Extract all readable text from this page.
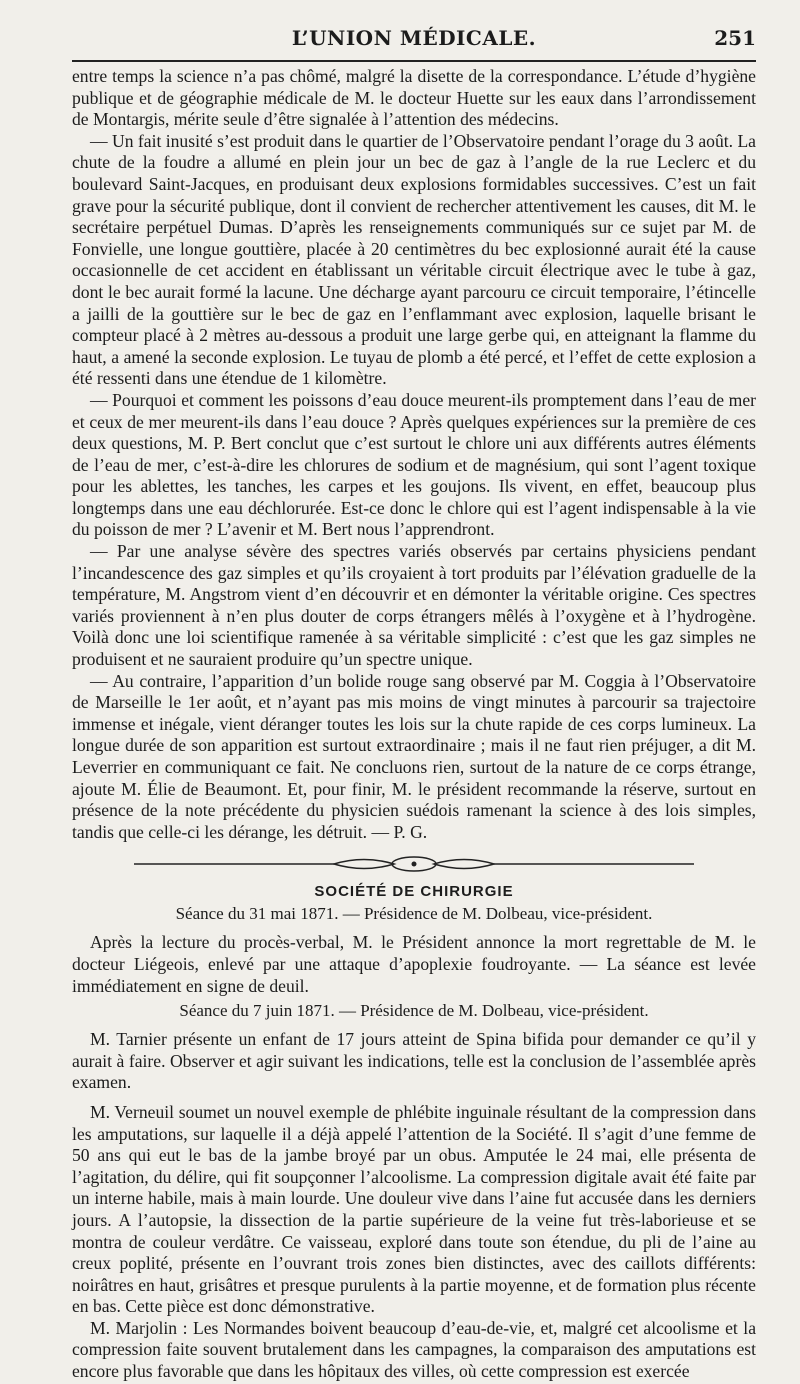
L’UNION MÉDICALE.	251

entre temps la science n’a pas chômé, malgré la disette de la correspondance. L’étude d’hygiène publique et de géographie médicale de M. le docteur Huette sur les eaux dans l’arrondissement de Montargis, mérite seule d’être signalée à l’attention des médecins.

— Un fait inusité s’est produit dans le quartier de l’Observatoire pendant l’orage du 3 août. La chute de la foudre a allumé en plein jour un bec de gaz à l’angle de la rue Leclerc et du boulevard Saint-Jacques, en produisant deux explosions formidables successives. C’est un fait grave pour la sécurité publique, dont il convient de rechercher attentivement les causes, dit M. le secrétaire perpétuel Dumas. D’après les renseignements communiqués sur ce sujet par M. de Fonvielle, une longue gouttière, placée à 20 centimètres du bec explosionné aurait été la cause occasionnelle de cet accident en établissant un véritable circuit électrique avec le tube à gaz, dont le bec aurait formé la lacune. Une décharge ayant parcouru ce circuit temporaire, l’étincelle a jailli de la gouttière sur le bec de gaz en l’enflammant avec explosion, laquelle brisant le compteur placé à 2 mètres au-dessous a produit une large gerbe qui, en atteignant la flamme du haut, a amené la seconde explosion. Le tuyau de plomb a été percé, et l’effet de cette explosion a été ressenti dans une étendue de 1 kilomètre.

— Pourquoi et comment les poissons d’eau douce meurent-ils promptement dans l’eau de mer et ceux de mer meurent-ils dans l’eau douce ? Après quelques expériences sur la première de ces deux questions, M. P. Bert conclut que c’est surtout le chlore uni aux différents autres éléments de l’eau de mer, c’est-à-dire les chlorures de sodium et de magnésium, qui sont l’agent toxique pour les ablettes, les tanches, les carpes et les goujons. Ils vivent, en effet, beaucoup plus longtemps dans une eau déchlorurée. Est-ce donc le chlore qui est l’agent indispensable à la vie du poisson de mer ? L’avenir et M. Bert nous l’apprendront.

— Par une analyse sévère des spectres variés observés par certains physiciens pendant l’incandescence des gaz simples et qu’ils croyaient à tort produits par l’élévation graduelle de la température, M. Angstrom vient d’en découvrir et en démonter la véritable origine. Ces spectres variés proviennent à n’en plus douter de corps étrangers mêlés à l’oxygène et à l’hydrogène. Voilà donc une loi scientifique ramenée à sa véritable simplicité : c’est que les gaz simples ne produisent et ne sauraient produire qu’un spectre unique.

— Au contraire, l’apparition d’un bolide rouge sang observé par M. Coggia à l’Observatoire de Marseille le 1er août, et n’ayant pas mis moins de vingt minutes à parcourir sa trajectoire immense et inégale, vient déranger toutes les lois sur la chute rapide de ces corps lumineux. La longue durée de son apparition est surtout extraordinaire ; mais il ne faut rien préjuger, a dit M. Leverrier en communiquant ce fait. Ne concluons rien, surtout de la nature de ce corps étrange, ajoute M. Élie de Beaumont. Et, pour finir, M. le président recommande la réserve, surtout en présence de la note précédente du physicien suédois ramenant la science à des lois simples, tandis que celle-ci les dérange, les détruit. — P. G.

SOCIÉTÉ DE CHIRURGIE
Séance du 31 mai 1871. — Présidence de M. Dolbeau, vice-président.

Après la lecture du procès-verbal, M. le Président annonce la mort regrettable de M. le docteur Liégeois, enlevé par une attaque d’apoplexie foudroyante. — La séance est levée immédiatement en signe de deuil.

Séance du 7 juin 1871. — Présidence de M. Dolbeau, vice-président.

M. Tarnier présente un enfant de 17 jours atteint de Spina bifida pour demander ce qu’il y aurait à faire. Observer et agir suivant les indications, telle est la conclusion de l’assemblée après examen.

M. Verneuil soumet un nouvel exemple de phlébite inguinale résultant de la compression dans les amputations, sur laquelle il a déjà appelé l’attention de la Société. Il s’agit d’une femme de 50 ans qui eut le bas de la jambe broyé par un obus. Amputée le 24 mai, elle présenta de l’agitation, du délire, qui fit soupçonner l’alcoolisme. La compression digitale avait été faite par un interne habile, mais à main lourde. Une douleur vive dans l’aine fut accusée dans les derniers jours. A l’autopsie, la dissection de la partie supérieure de la veine fut très-laborieuse et se montra de couleur verdâtre. Ce vaisseau, exploré dans toute son étendue, du pli de l’aine au creux poplité, présente en l’ouvrant trois zones bien distinctes, avec des caillots différents: noirâtres en haut, grisâtres et presque purulents à la partie moyenne, et de formation plus récente en bas. Cette pièce est donc démonstrative.

M. Marjolin : Les Normandes boivent beaucoup d’eau-de-vie, et, malgré cet alcoolisme et la compression faite souvent brutalement dans les campagnes, la comparaison des amputations est encore plus favorable que dans les hôpitaux des villes, où cette compression est exercée
